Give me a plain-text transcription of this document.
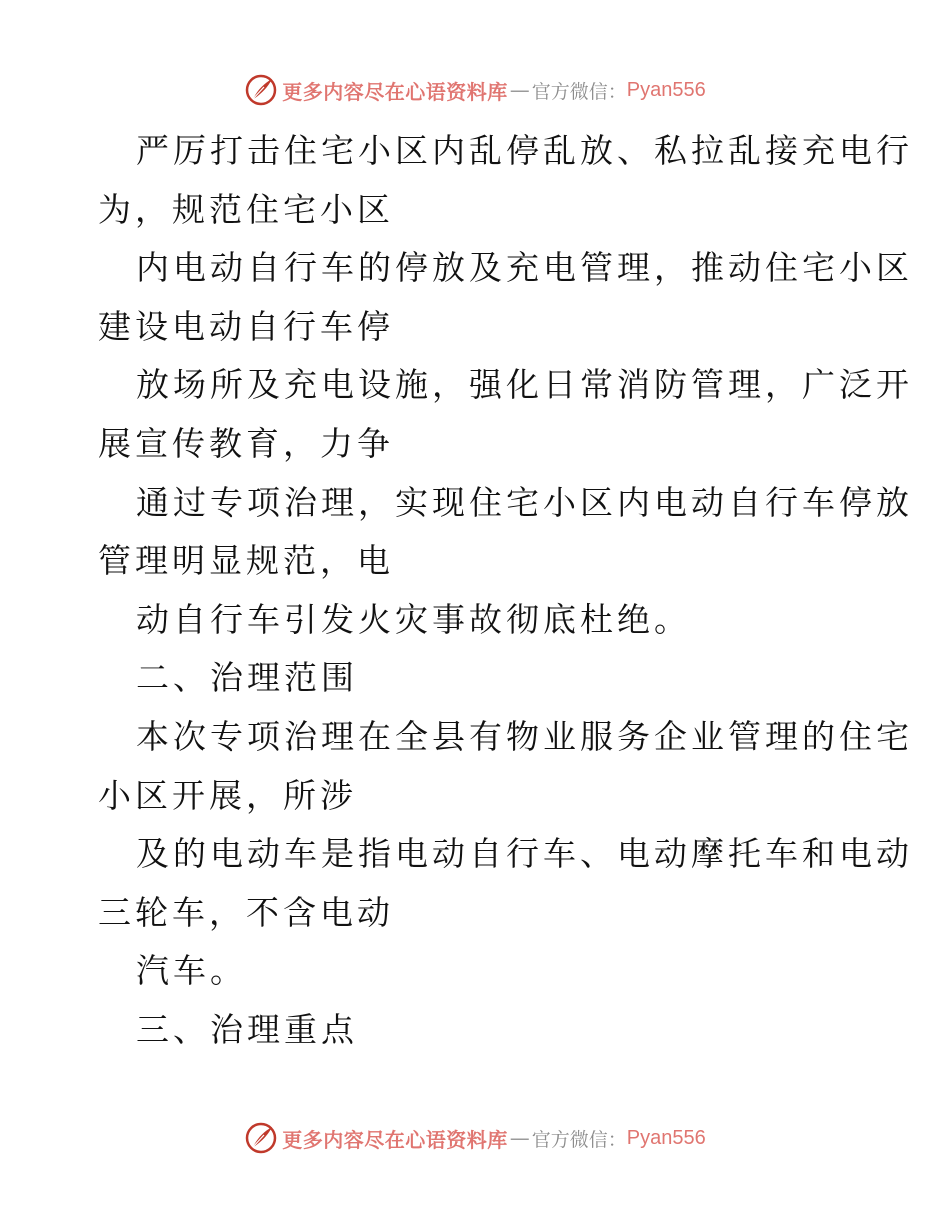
更多内容尽在心语资料库 — 官方微信： Pyan556
严厉打击住宅小区内乱停乱放、私拉乱接充电行
为，规范住宅小区
内电动自行车的停放及充电管理，推动住宅小区
建设电动自行车停
放场所及充电设施，强化日常消防管理，广泛开
展宣传教育，力争
通过专项治理，实现住宅小区内电动自行车停放
管理明显规范，电
动自行车引发火灾事故彻底杜绝。
二、治理范围
本次专项治理在全县有物业服务企业管理的住宅
小区开展，所涉
及的电动车是指电动自行车、电动摩托车和电动
三轮车，不含电动
汽车。
三、治理重点
更多内容尽在心语资料库 — 官方微信： Pyan556
